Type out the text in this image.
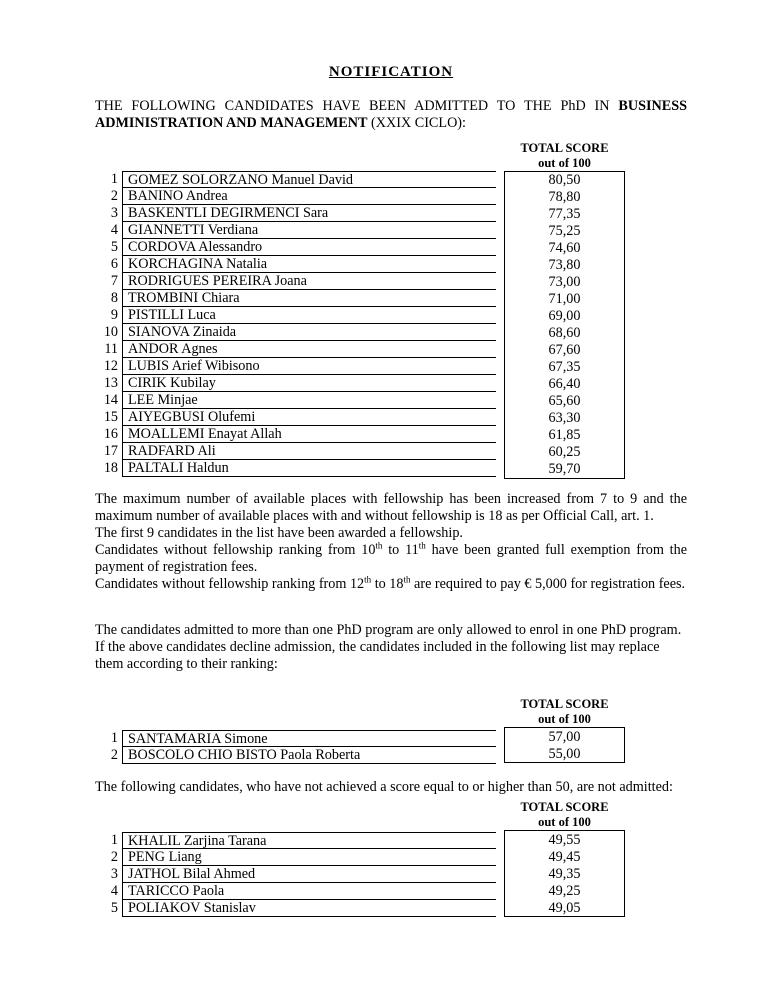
NOTIFICATION
THE FOLLOWING CANDIDATES HAVE BEEN ADMITTED TO THE PhD IN BUSINESS ADMINISTRATION AND MANAGEMENT (XXIX CICLO):
TOTAL SCORE
out of 100
1 GOMEZ SOLORZANO Manuel David	80,50
2 BANINO Andrea	78,80
3 BASKENTLI DEGIRMENCI Sara	77,35
4 GIANNETTI Verdiana	75,25
5 CORDOVA Alessandro	74,60
6 KORCHAGINA Natalia	73,80
7 RODRIGUES PEREIRA Joana	73,00
8 TROMBINI Chiara	71,00
9 PISTILLI Luca	69,00
10 SIANOVA Zinaida	68,60
11 ANDOR Agnes	67,60
12 LUBIS Arief Wibisono	67,35
13 CIRIK Kubilay	66,40
14 LEE Minjae	65,60
15 AIYEGBUSI Olufemi	63,30
16 MOALLEMI Enayat Allah	61,85
17 RADFARD Ali	60,25
18 PALTALI Haldun	59,70
The maximum number of available places with fellowship has been increased from 7 to 9 and the maximum number of available places with and without fellowship is 18 as per Official Call, art. 1.
The first 9 candidates in the list have been awarded a fellowship.
Candidates without fellowship ranking from 10th to 11th have been granted full exemption from the payment of registration fees.
Candidates without fellowship ranking from 12th to 18th are required to pay € 5,000 for registration fees.
The candidates admitted to more than one PhD program are only allowed to enrol in one PhD program.
If the above candidates decline admission, the candidates included in the following list may replace them according to their ranking:
TOTAL SCORE
out of 100
1 SANTAMARIA Simone	57,00
2 BOSCOLO CHIO BISTO Paola Roberta	55,00
The following candidates, who have not achieved a score equal to or higher than 50, are not admitted:
TOTAL SCORE
out of 100
1 KHALIL Zarjina Tarana	49,55
2 PENG Liang	49,45
3 JATHOL Bilal Ahmed	49,35
4 TARICCO Paola	49,25
5 POLIAKOV Stanislav	49,05
